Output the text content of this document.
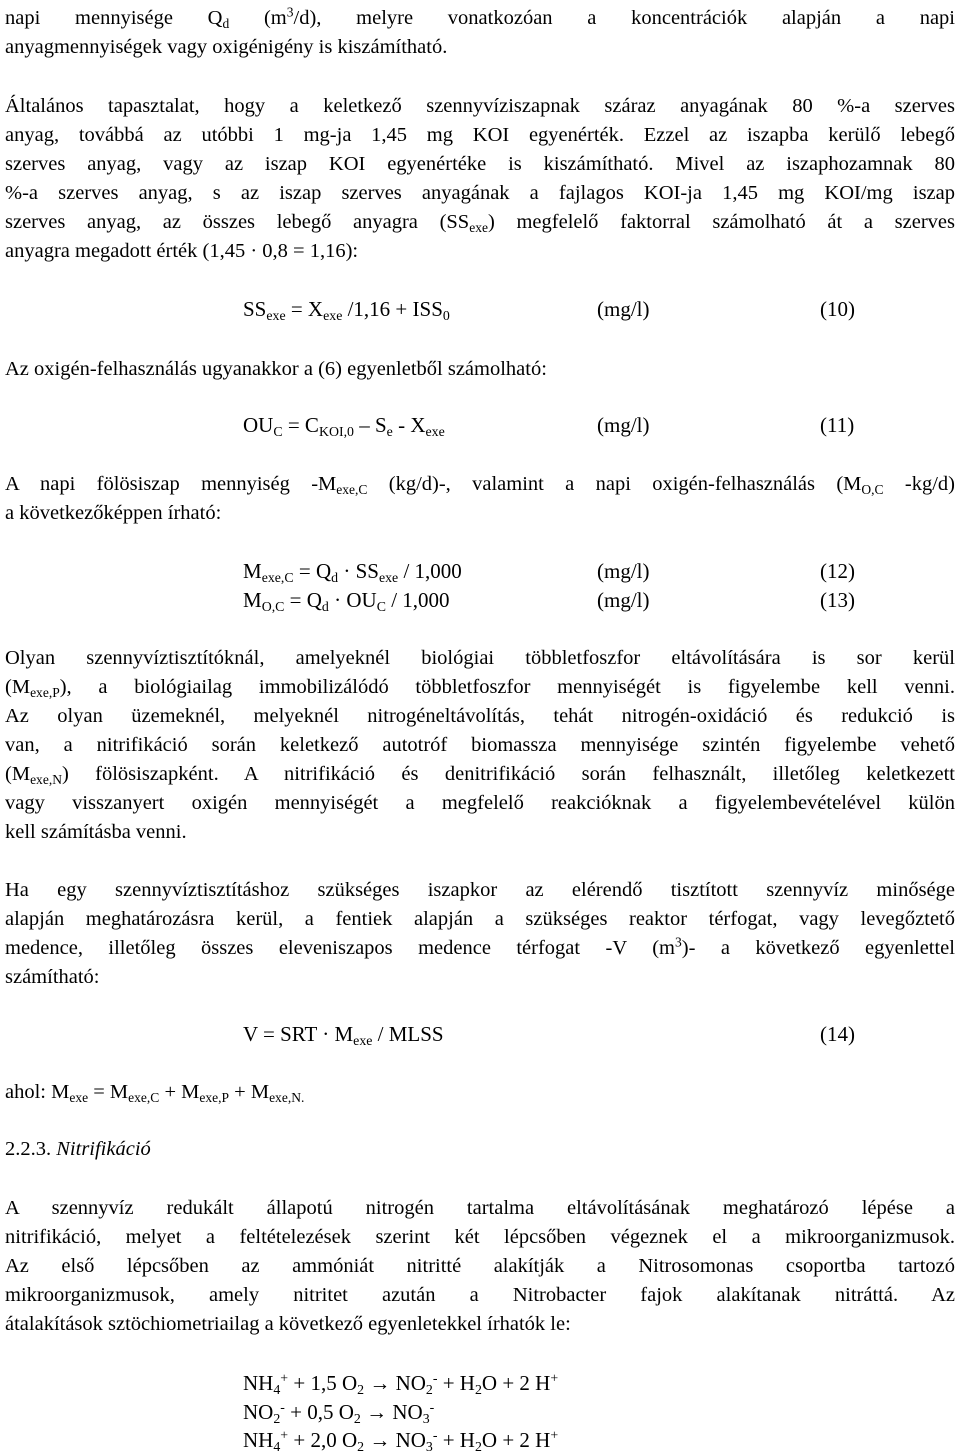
napi mennyisége $Q_d$ $(m^3/d)$, melyre vonatkozóan a koncentrációk alapján a napi
anyagmennyiségek vagy oxigénigény is kiszámítható.
Általános tapasztalat, hogy a keletkező szennyvíziszapnak száraz anyagának 80 %-a szerves
anyag, továbbá az utóbbi 1 mg-ja 1,45 mg KOI egyenérték. Ezzel az iszapba kerülő lebegő
szerves anyag, vagy az iszap KOI egyenértéke is kiszámítható. Mivel az iszaphozamnak 80
%-a szerves anyag, s az iszap szerves anyagának a fajlagos KOI-ja 1,45 mg KOI/mg iszap
szerves anyag, az összes lebegő anyagra $(SS_{exe})$ megfelelő faktorral számolható át a szerves
anyagra megadott érték (1,45 · 0,8 = 1,16):
$SS_{exe} = X_{exe}$ $/1,16 + ISS_0$	(mg/l)	(10)
Az oxigén-felhasználás ugyanakkor a (6) egyenletből számolható:
$OU_C = C_{KOI,0} - S_e - X_{exe}$	(mg/l)	(11)
A napi fölösiszap mennyiség $-M_{exe,C}$ (kg/d)-, valamint a napi oxigén-felhasználás ($M_{O,C}$ -kg/d)
a következőképpen írható:
$M_{exe,C} = Q_d \cdot SS_{exe} / 1,000$	(mg/l)	(12)
$M_{O,C} = Q_d \cdot OU_C / 1,000$	(mg/l)	(13)
Olyan szennyvíztisztítóknál, amelyeknél biológiai többletfoszfor eltávolítására is sor kerül
$(M_{exe,P})$, a biológiailag immobilizálódó többletfoszfor mennyiségét is figyelembe kell venni.
Az olyan üzemeknél, melyeknél nitrogéneltávolítás, tehát nitrogén-oxidáció és redukció is
van, a nitrifikáció során keletkező autotróf biomassza mennyisége szintén figyelembe vehető
$(M_{exe,N})$ fölösiszapként. A nitrifikáció és denitrifikáció során felhasznált, illetőleg keletkezett
vagy visszanyert oxigén mennyiségét a megfelelő reakcióknak a figyelembevételével külön
kell számításba venni.
Ha egy szennyvíztisztításhoz szükséges iszapkor az elérendő tisztított szennyvíz minősége
alapján meghatározásra kerül, a fentiek alapján a szükséges reaktor térfogat, vagy levegőztető
medence, illetőleg összes eleveniszapos medence térfogat -V $(m^3)-$ a következő egyenlettel
számítható:
V = SRT · $M_{exe}$ / MLSS	(14)
ahol: $M_{exe} = M_{exe,C} + M_{exe,P} + M_{exe,N.}$
2.2.3. Nitrifikáció
A szennyvíz redukált állapotú nitrogén tartalma eltávolításának meghatározó lépése a
nitrifikáció, melyet a feltételezések szerint két lépcsőben végeznek el a mikroorganizmusok.
Az első lépcsőben az ammóniát nitritté alakítják a Nitrosomonas csoportba tartozó
mikroorganizmusok, amely nitritet azután a Nitrobacter fajok alakítanak nitráttá. Az
átalakítások sztöchiometriailag a következő egyenletekkel írhatók le:
$NH_4^+ + 1,5$ $O_2 \to NO_2^- + H_2O + 2$ H+
$NO_2^- + 0,5$ $O_2 \to NO_3^-$
$NH_4^+ + 2,0$ $O_2 \to NO_3^- + H_2O + 2$ H+
